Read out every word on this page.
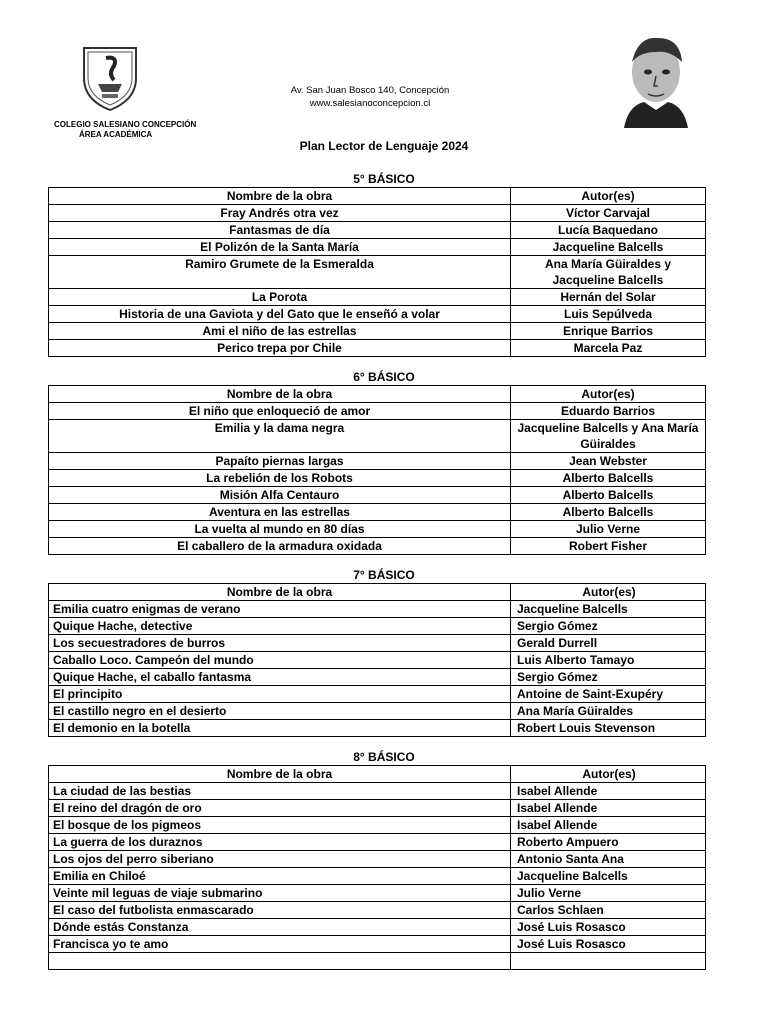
COLEGIO SALESIANO CONCEPCIÓN
ÁREA ACADÉMICA
Av. San Juan Bosco 140, Concepción
www.salesianoconcepcion.cl
Plan Lector de Lenguaje 2024
5° BÁSICO
Nombre de la obra	Autor(es)
Fray Andrés otra vez	Víctor Carvajal
Fantasmas de día	Lucía Baquedano
El Polizón de la Santa María	Jacqueline Balcells
Ramiro Grumete de la Esmeralda	Ana María Güiraldes y Jacqueline Balcells
La Porota	Hernán del Solar
Historia de una Gaviota y del Gato que le enseñó a volar	Luis Sepúlveda
Ami el niño de las estrellas	Enrique Barrios
Perico trepa por Chile	Marcela Paz
6° BÁSICO
Nombre de la obra	Autor(es)
El niño que enloqueció de amor	Eduardo Barrios
Emilia y la dama negra	Jacqueline Balcells y Ana María Güiraldes
Papaíto piernas largas	Jean Webster
La rebelión de los Robots	Alberto Balcells
Misión Alfa Centauro	Alberto Balcells
Aventura en las estrellas	Alberto Balcells
La vuelta al mundo en 80 días	Julio Verne
El caballero de la armadura oxidada	Robert Fisher
7° BÁSICO
Nombre de la obra	Autor(es)
Emilia cuatro enigmas de verano	Jacqueline Balcells
Quique Hache, detective	Sergio Gómez
Los secuestradores de burros	Gerald Durrell
Caballo Loco. Campeón del mundo	Luis Alberto Tamayo
Quique Hache, el caballo fantasma	Sergio Gómez
El principito	Antoine de Saint-Exupéry
El castillo negro en el desierto	Ana María Güiraldes
El demonio en la botella	Robert Louis Stevenson
8° BÁSICO
Nombre de la obra	Autor(es)
La ciudad de las bestias	Isabel Allende
El reino del dragón de oro	Isabel Allende
El bosque de los pigmeos	Isabel Allende
La guerra de los duraznos	Roberto Ampuero
Los ojos del perro siberiano	Antonio Santa Ana
Emilia en Chiloé	Jacqueline Balcells
Veinte mil leguas de viaje submarino	Julio Verne
El caso del futbolista enmascarado	Carlos Schlaen
Dónde estás Constanza	José Luis Rosasco
Francisca yo te amo	José Luis Rosasco
